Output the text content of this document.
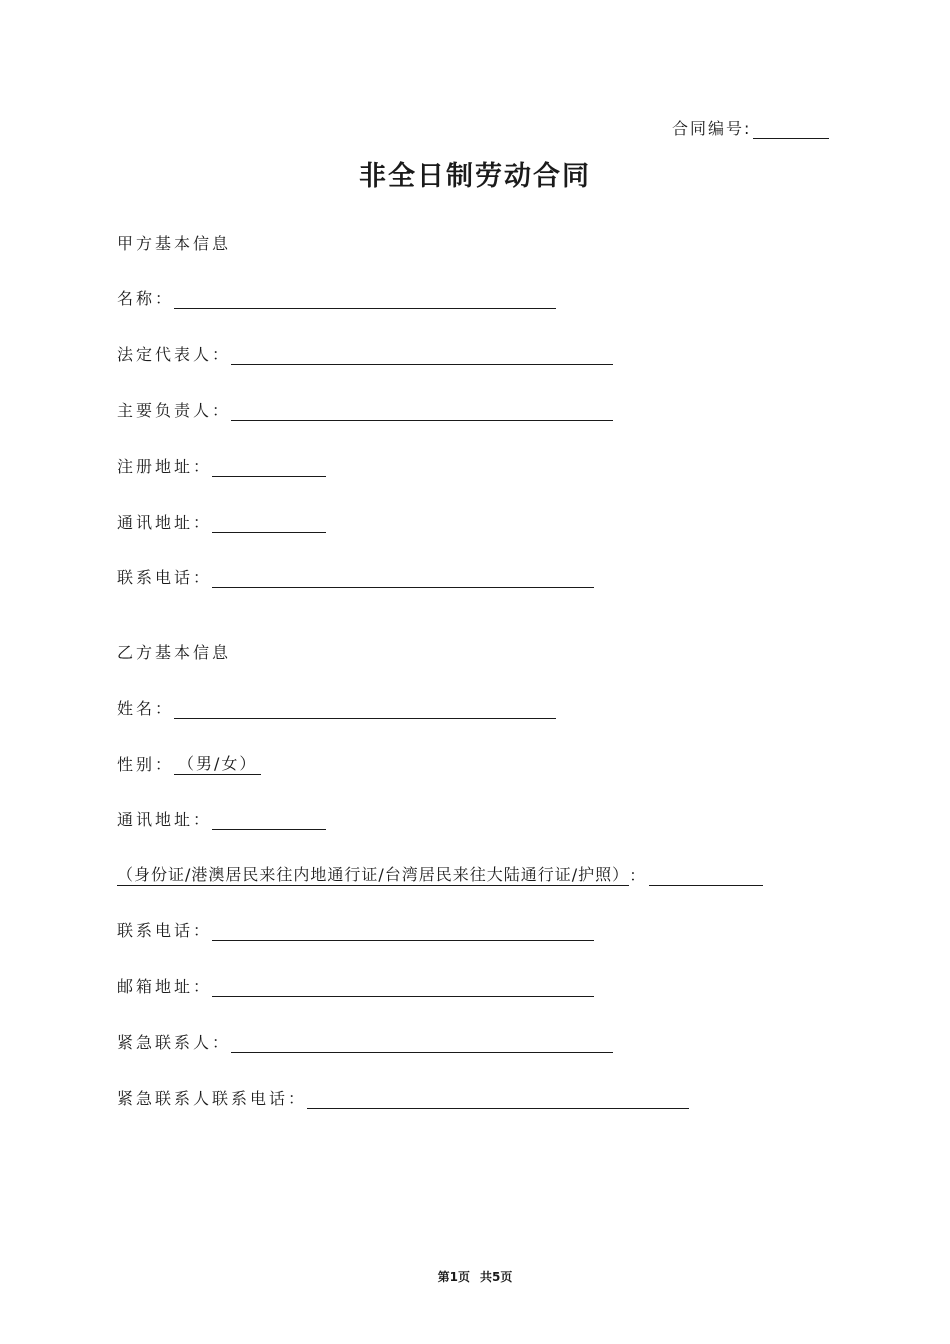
合同编号:
非全日制劳动合同
甲方基本信息
名称：
法定代表人：
主要负责人：
注册地址：
通讯地址：
联系电话：
乙方基本信息
姓名：
性别： （男/女）
通讯地址：
（身份证/港澳居民来往内地通行证/台湾居民来往大陆通行证/护照） ：
联系电话：
邮箱地址：
紧急联系人：
紧急联系人联系电话：
第1页 共5页
